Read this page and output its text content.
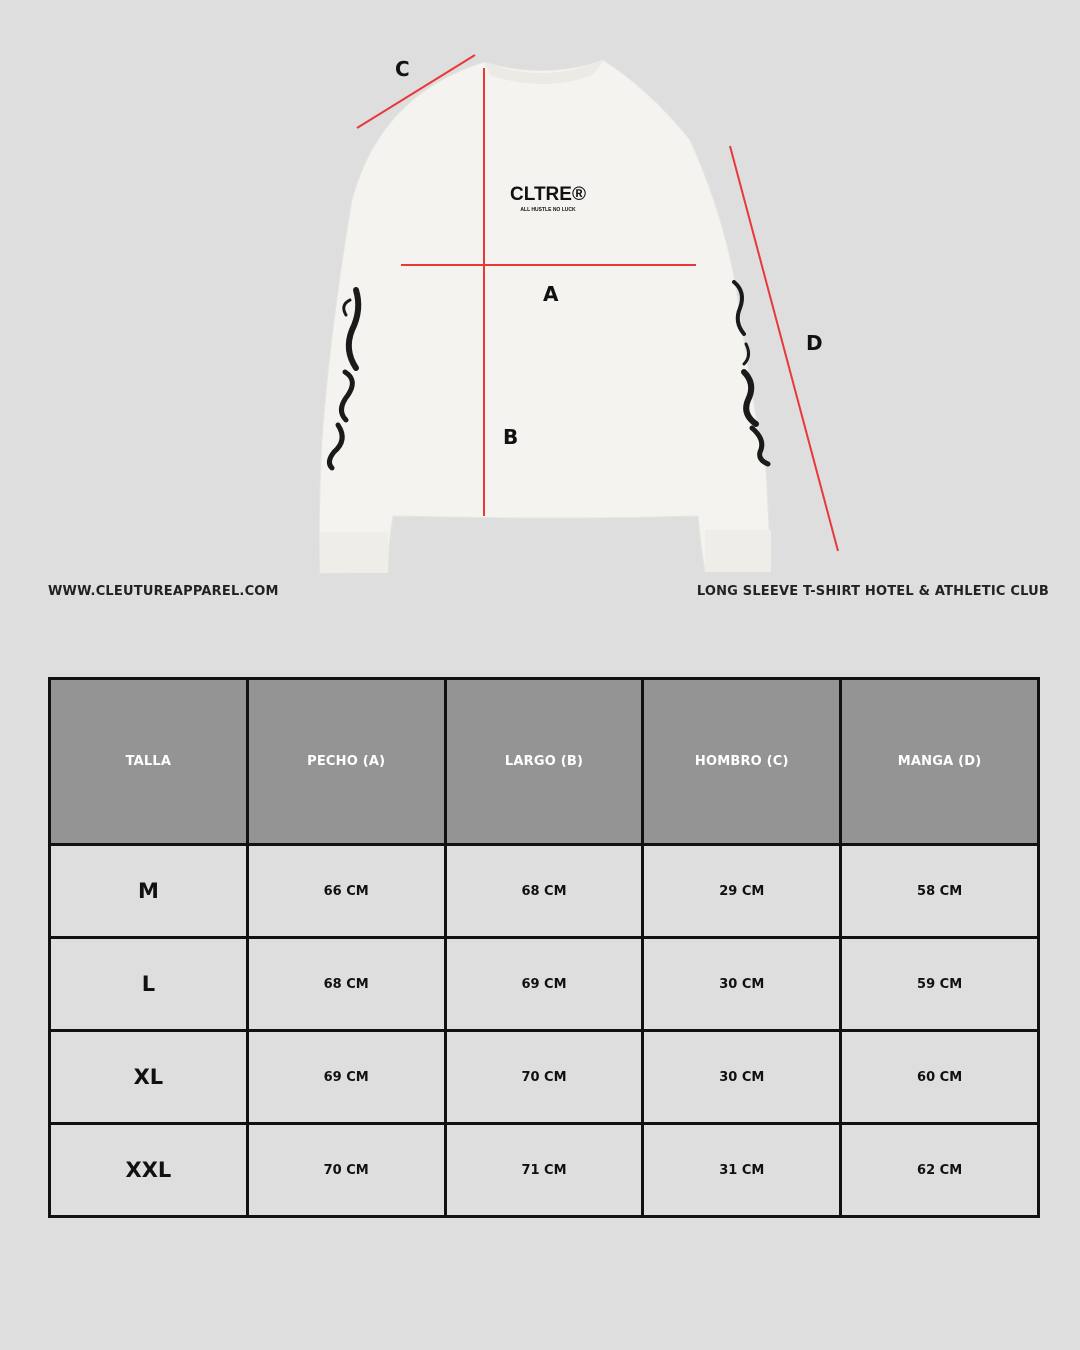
CLTRE®
ALL HUSTLE NO LUCK
A
B
C
D
WWW.CLEUTUREAPPAREL.COM	LONG SLEEVE T-SHIRT HOTEL & ATHLETIC CLUB
TALLA	PECHO (A)	LARGO (B)	HOMBRO (C)	MANGA (D)
M	66 CM	68 CM	29 CM	58 CM
L	68 CM	69 CM	30 CM	59 CM
XL	69 CM	70 CM	30 CM	60 CM
XXL	70 CM	71 CM	31 CM	62 CM
